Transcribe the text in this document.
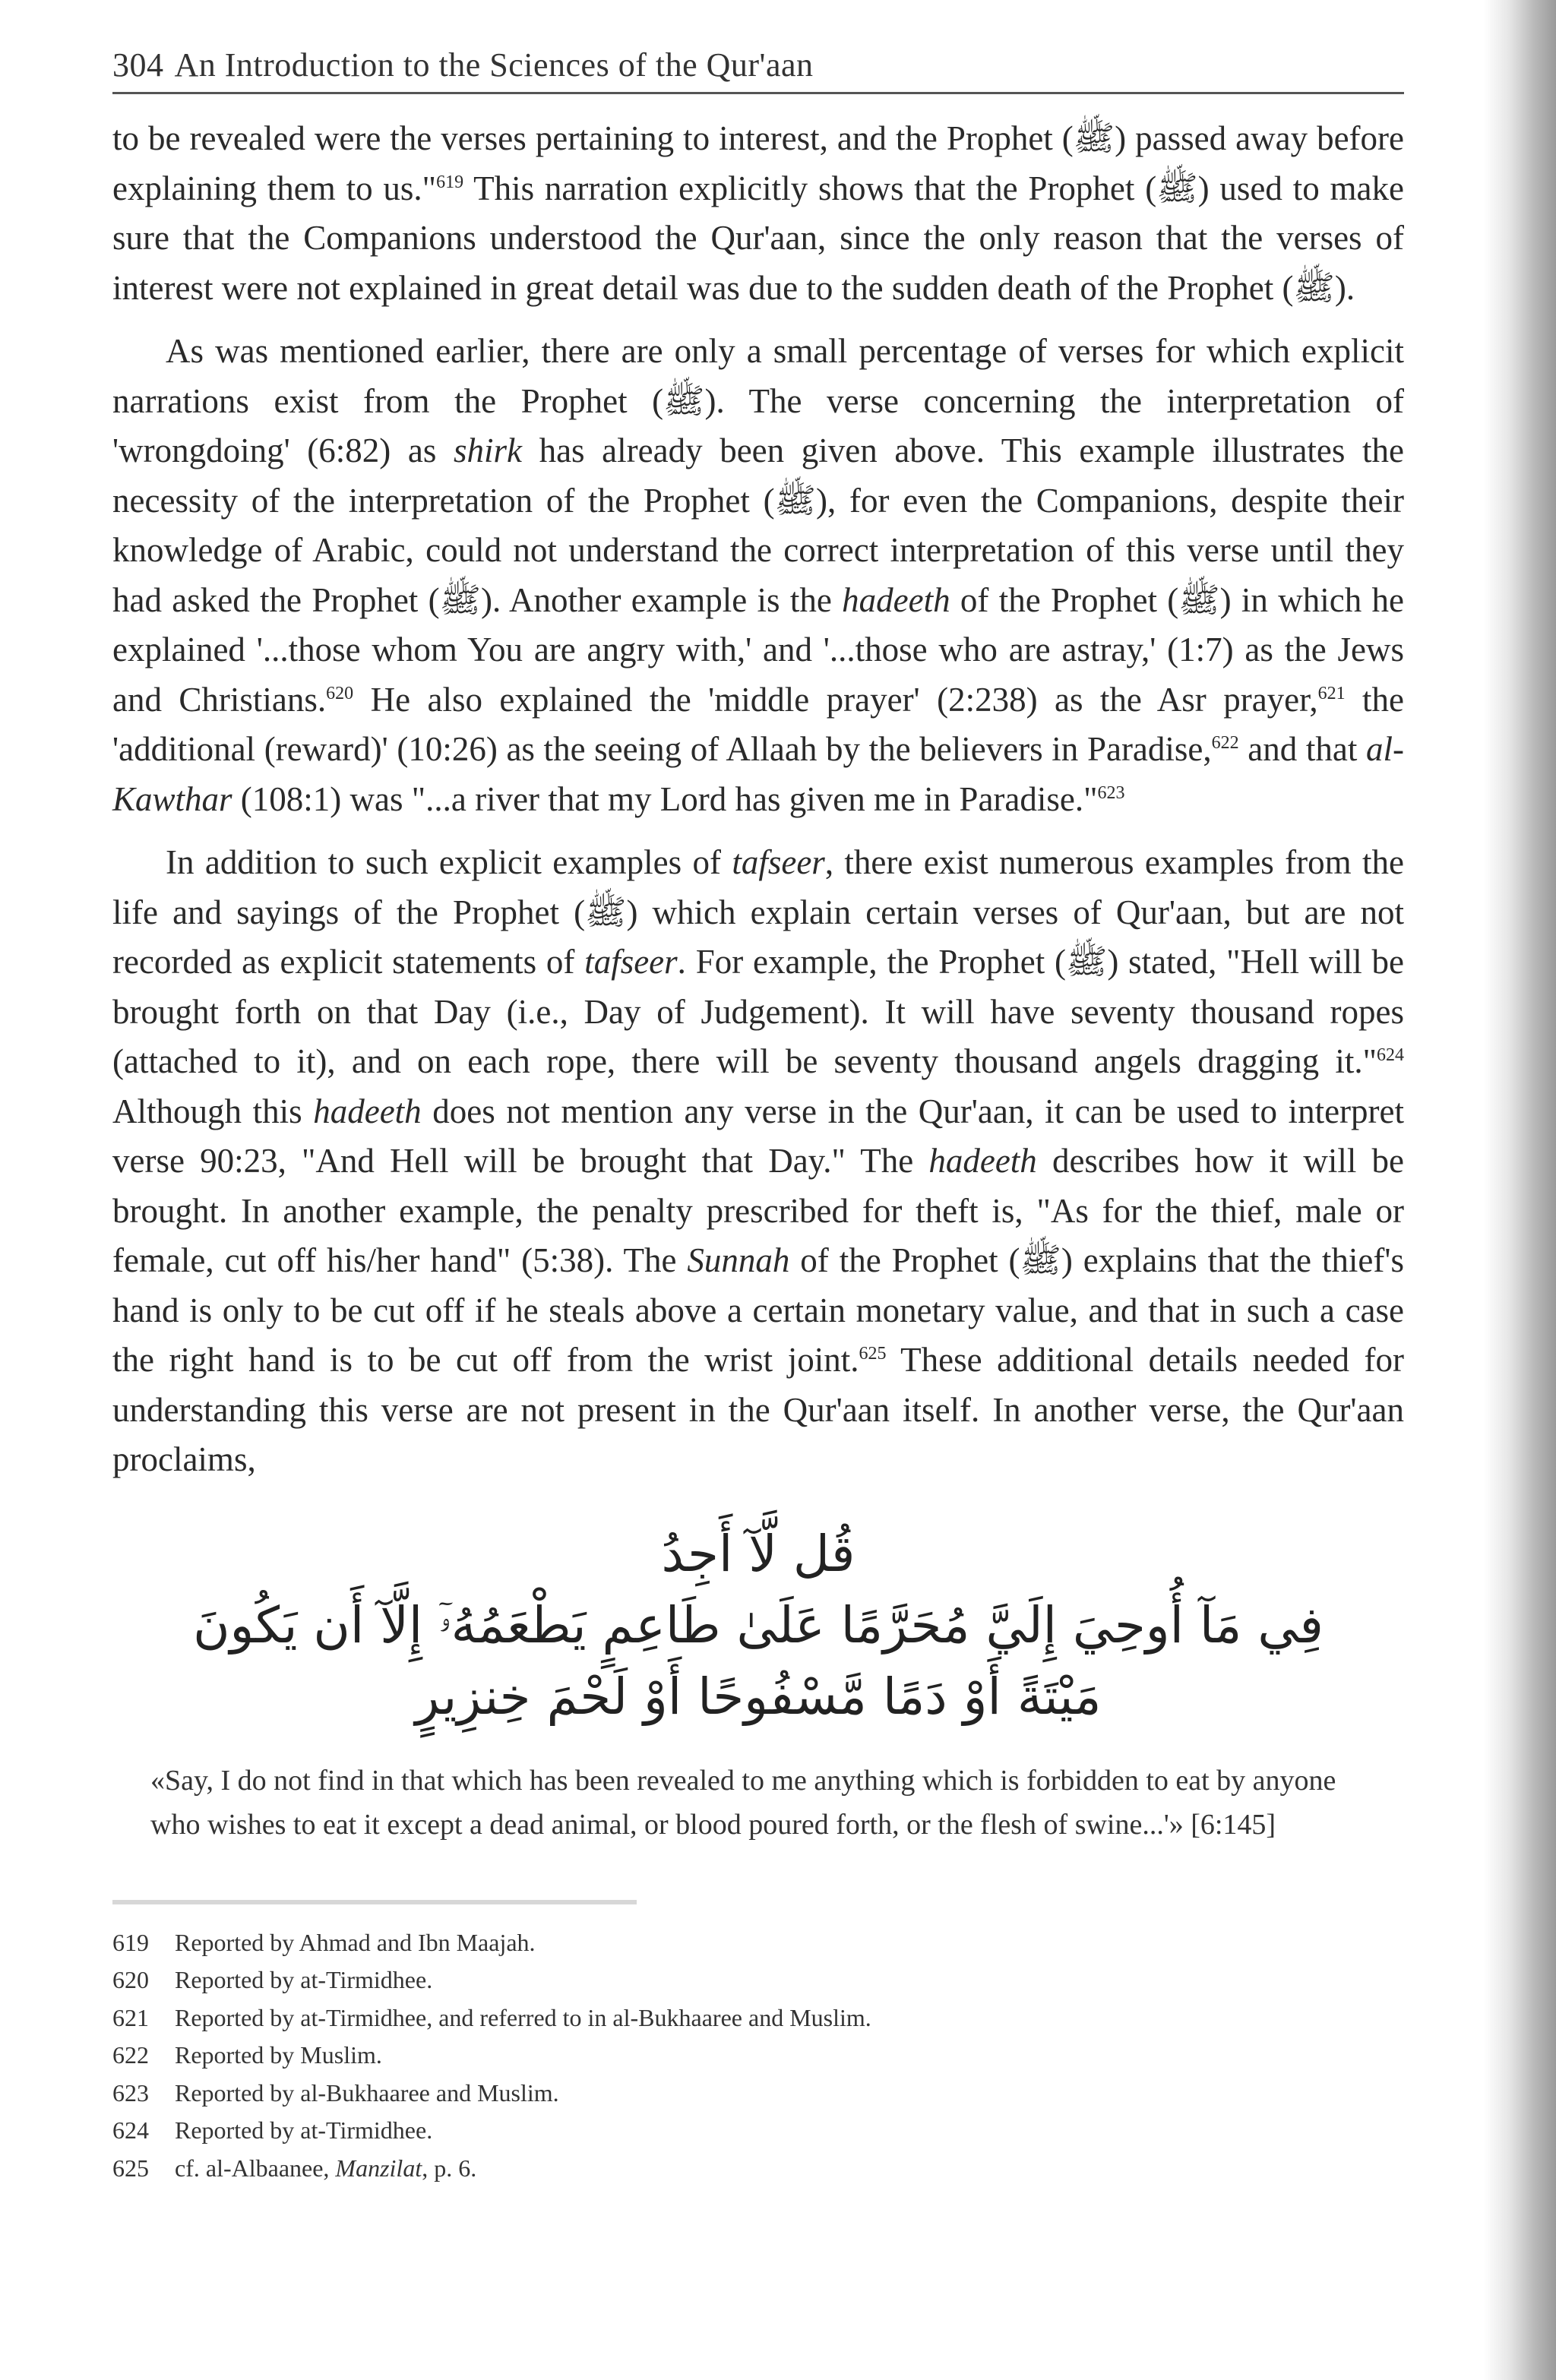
304 An Introduction to the Sciences of the Qur'aan

to be revealed were the verses pertaining to interest, and the Prophet (ﷺ) passed away before explaining them to us."$^{619}$ This narration explicitly shows that the Prophet (ﷺ) used to make sure that the Companions understood the Qur'aan, since the only reason that the verses of interest were not explained in great detail was due to the sudden death of the Prophet (ﷺ).

As was mentioned earlier, there are only a small percentage of verses for which explicit narrations exist from the Prophet (ﷺ). The verse concerning the interpretation of 'wrongdoing' (6:82) as shirk has already been given above. This example illustrates the necessity of the interpretation of the Prophet (ﷺ), for even the Companions, despite their knowledge of Arabic, could not understand the correct interpretation of this verse until they had asked the Prophet (ﷺ). Another example is the hadeeth of the Prophet (ﷺ) in which he explained '...those whom You are angry with,' and '...those who are astray,' (1:7) as the Jews and Christians.$^{620}$ He also explained the 'middle prayer' (2:238) as the Asr prayer,$^{621}$ the 'additional (reward)' (10:26) as the seeing of Allaah by the believers in Paradise,$^{622}$ and that al-Kawthar (108:1) was "...a river that my Lord has given me in Paradise."$^{623}$

In addition to such explicit examples of tafseer, there exist numerous examples from the life and sayings of the Prophet (ﷺ) which explain certain verses of Qur'aan, but are not recorded as explicit statements of tafseer. For example, the Prophet (ﷺ) stated, "Hell will be brought forth on that Day (i.e., Day of Judgement). It will have seventy thousand ropes (attached to it), and on each rope, there will be seventy thousand angels dragging it."$^{624}$ Although this hadeeth does not mention any verse in the Qur'aan, it can be used to interpret verse 90:23, "And Hell will be brought that Day." The hadeeth describes how it will be brought. In another example, the penalty prescribed for theft is, "As for the thief, male or female, cut off his/her hand" (5:38). The Sunnah of the Prophet (ﷺ) explains that the thief's hand is only to be cut off if he steals above a certain monetary value, and that in such a case the right hand is to be cut off from the wrist joint.$^{625}$ These additional details needed for understanding this verse are not present in the Qur'aan itself. In another verse, the Qur'aan proclaims,

قُل لَّآ أَجِدُ
فِي مَآ أُوحِيَ إِلَيَّ مُحَرَّمًا عَلَىٰ طَاعِمٍ يَطْعَمُهُۥٓ إِلَّآ أَن يَكُونَ
مَيْتَةً أَوْ دَمًا مَّسْفُوحًا أَوْ لَحْمَ خِنزِيرٍ
«Say, I do not find in that which has been revealed to me anything which is forbidden to eat by anyone who wishes to eat it except a dead animal, or blood poured forth, or the flesh of swine...'» [6:145]
619 Reported by Ahmad and Ibn Maajah.
620 Reported by at-Tirmidhee.
621 Reported by at-Tirmidhee, and referred to in al-Bukhaaree and Muslim.
622 Reported by Muslim.
623 Reported by al-Bukhaaree and Muslim.
624 Reported by at-Tirmidhee.
625 cf. al-Albaanee, Manzilat, p. 6.
